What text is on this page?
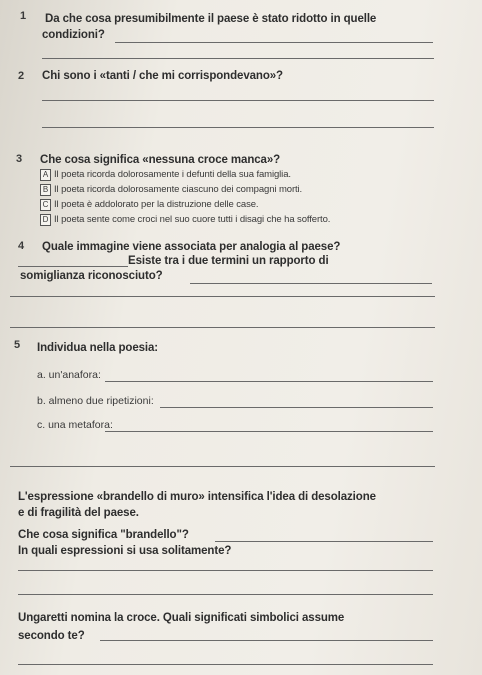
1 Da che cosa presumibilmente il paese è stato ridotto in quelle
condizioni?
2 Chi sono i «tanti / che mi corrispondevano»?
3 Che cosa significa «nessuna croce manca»?
A Il poeta ricorda dolorosamente i defunti della sua famiglia.
B Il poeta ricorda dolorosamente ciascuno dei compagni morti.
C Il poeta è addolorato per la distruzione delle case.
D Il poeta sente come croci nel suo cuore tutti i disagi che ha sofferto.
4 Quale immagine viene associata per analogia al paese?
Esiste tra i due termini un rapporto di
somiglianza riconosciuto?
5 Individua nella poesia:
a. un'anafora:
b. almeno due ripetizioni:
c. una metafora:
L'espressione «brandello di muro» intensifica l'idea di desolazione
e di fragilità del paese.
Che cosa significa "brandello"?
In quali espressioni si usa solitamente?
Ungaretti nomina la croce. Quali significati simbolici assume
secondo te?
